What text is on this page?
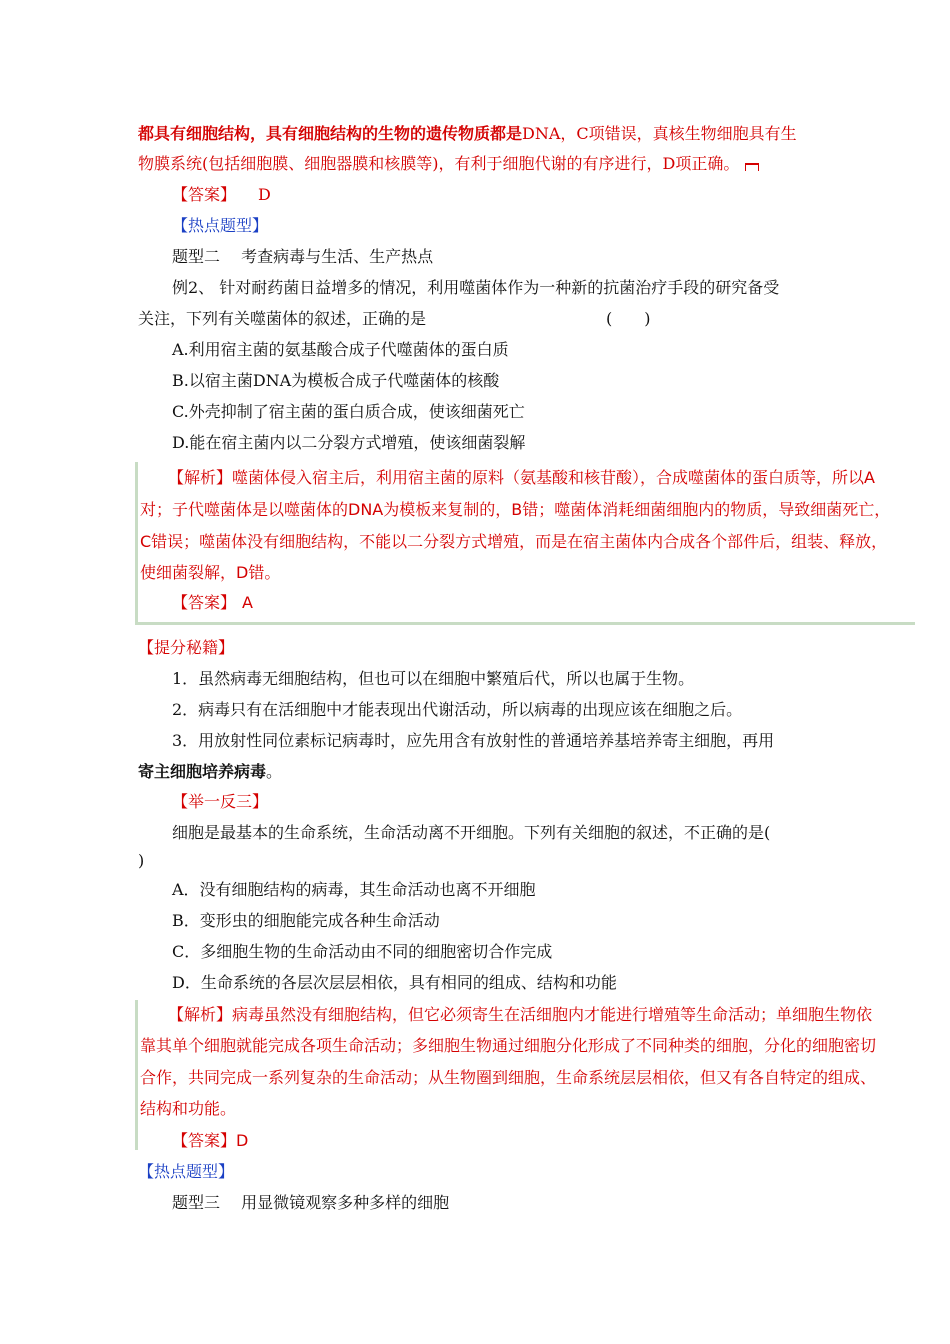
都具有细胞结构，具有细胞结构的生物的遗传物质都是DNA，C项错误，真核生物细胞具有生
物膜系统(包括细胞膜、细胞器膜和核膜等)，有利于细胞代谢的有序进行，D项正确。
【答案】 D
【热点题型】
题型二　 考查病毒与生活、生产热点
例2、 针对耐药菌日益增多的情况，利用噬菌体作为一种新的抗菌治疗手段的研究备受
关注，下列有关噬菌体的叙述，正确的是	(　　)
A.利用宿主菌的氨基酸合成子代噬菌体的蛋白质
B.以宿主菌DNA为模板合成子代噬菌体的核酸
C.外壳抑制了宿主菌的蛋白质合成，使该细菌死亡
D.能在宿主菌内以二分裂方式增殖，使该细菌裂解
【解析】噬菌体侵入宿主后，利用宿主菌的原料（氨基酸和核苷酸），合成噬菌体的蛋白质等，所以A
对；子代噬菌体是以噬菌体的DNA为模板来复制的，B错；噬菌体消耗细菌细胞内的物质，导致细菌死亡，
C错误；噬菌体没有细胞结构，不能以二分裂方式增殖，而是在宿主菌体内合成各个部件后，组装、释放，
使细菌裂解，D错。
【答案】 A
【提分秘籍】
1．虽然病毒无细胞结构，但也可以在细胞中繁殖后代，所以也属于生物。
2．病毒只有在活细胞中才能表现出代谢活动，所以病毒的出现应该在细胞之后。
3．用放射性同位素标记病毒时，应先用含有放射性的普通培养基培养寄主细胞，再用
寄主细胞培养病毒。
【举一反三】
细胞是最基本的生命系统，生命活动离不开细胞。下列有关细胞的叙述，不正确的是(
)
A．没有细胞结构的病毒，其生命活动也离不开细胞
B．变形虫的细胞能完成各种生命活动
C．多细胞生物的生命活动由不同的细胞密切合作完成
D．生命系统的各层次层层相依，具有相同的组成、结构和功能
【解析】病毒虽然没有细胞结构，但它必须寄生在活细胞内才能进行增殖等生命活动；单细胞生物依
靠其单个细胞就能完成各项生命活动；多细胞生物通过细胞分化形成了不同种类的细胞，分化的细胞密切
合作，共同完成一系列复杂的生命活动；从生物圈到细胞，生命系统层层相依，但又有各自特定的组成、
结构和功能。
【答案】D
【热点题型】
题型三　 用显微镜观察多种多样的细胞
